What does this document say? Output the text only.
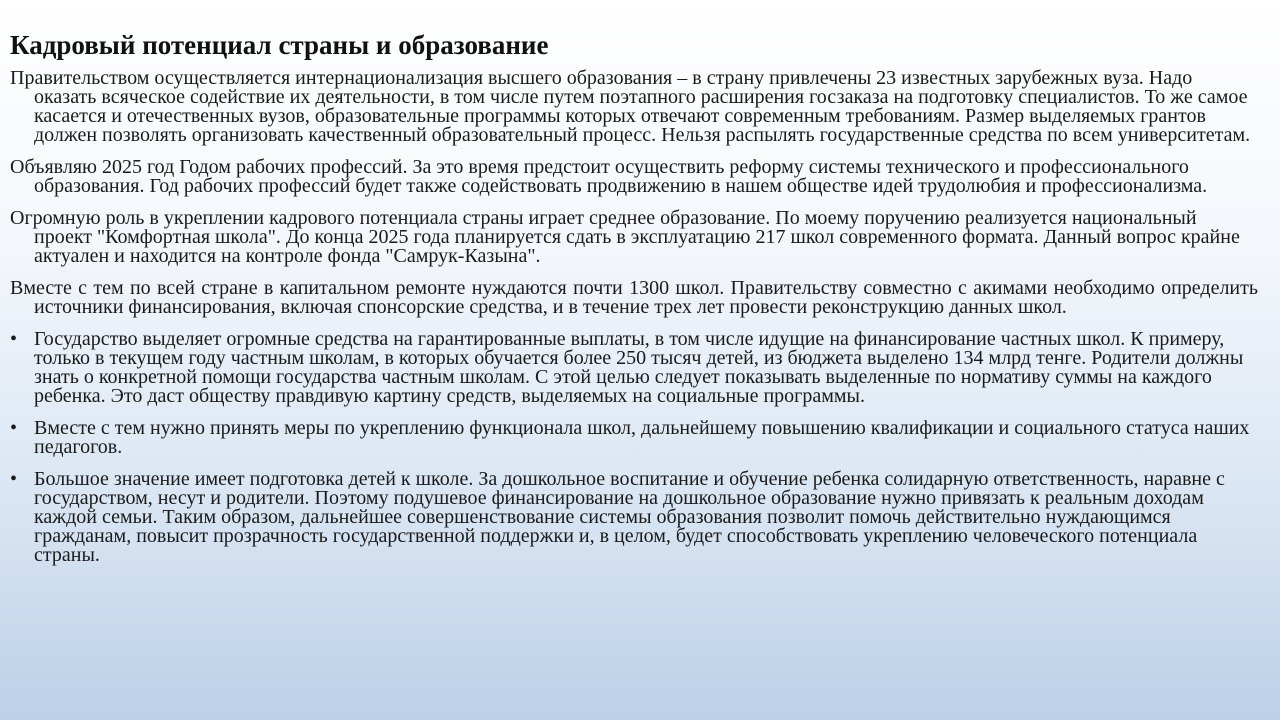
Кадровый потенциал страны и образование

Правительством осуществляется интернационализация высшего образования – в страну привлечены 23 известных зарубежных вуза. Надо оказать всяческое содействие их деятельности, в том числе путем поэтапного расширения госзаказа на подготовку специалистов. То же самое касается и отечественных вузов, образовательные программы которых отвечают современным требованиям. Размер выделяемых грантов должен позволять организовать качественный образовательный процесс. Нельзя распылять государственные средства по всем университетам.

Объявляю 2025 год Годом рабочих профессий. За это время предстоит осуществить реформу системы технического и профессионального образования. Год рабочих профессий будет также содействовать продвижению в нашем обществе идей трудолюбия и профессионализма.

Огромную роль в укреплении кадрового потенциала страны играет среднее образование. По моему поручению реализуется национальный проект "Комфортная школа". До конца 2025 года планируется сдать в эксплуатацию 217 школ современного формата. Данный вопрос крайне актуален и находится на контроле фонда "Самрук-Казына".

Вместе с тем по всей стране в капитальном ремонте нуждаются почти 1300 школ. Правительству совместно с акимами необходимо определить источники финансирования, включая спонсорские средства, и в течение трех лет провести реконструкцию данных школ.

• Государство выделяет огромные средства на гарантированные выплаты, в том числе идущие на финансирование частных школ. К примеру, только в текущем году частным школам, в которых обучается более 250 тысяч детей, из бюджета выделено 134 млрд тенге. Родители должны знать о конкретной помощи государства частным школам. С этой целью следует показывать выделенные по нормативу суммы на каждого ребенка. Это даст обществу правдивую картину средств, выделяемых на социальные программы.
• Вместе с тем нужно принять меры по укреплению функционала школ, дальнейшему повышению квалификации и социального статуса наших педагогов.
• Большое значение имеет подготовка детей к школе. За дошкольное воспитание и обучение ребенка солидарную ответственность, наравне с государством, несут и родители. Поэтому подушевое финансирование на дошкольное образование нужно привязать к реальным доходам каждой семьи. Таким образом, дальнейшее совершенствование системы образования позволит помочь действительно нуждающимся гражданам, повысит прозрачность государственной поддержки и, в целом, будет способствовать укреплению человеческого потенциала страны.
